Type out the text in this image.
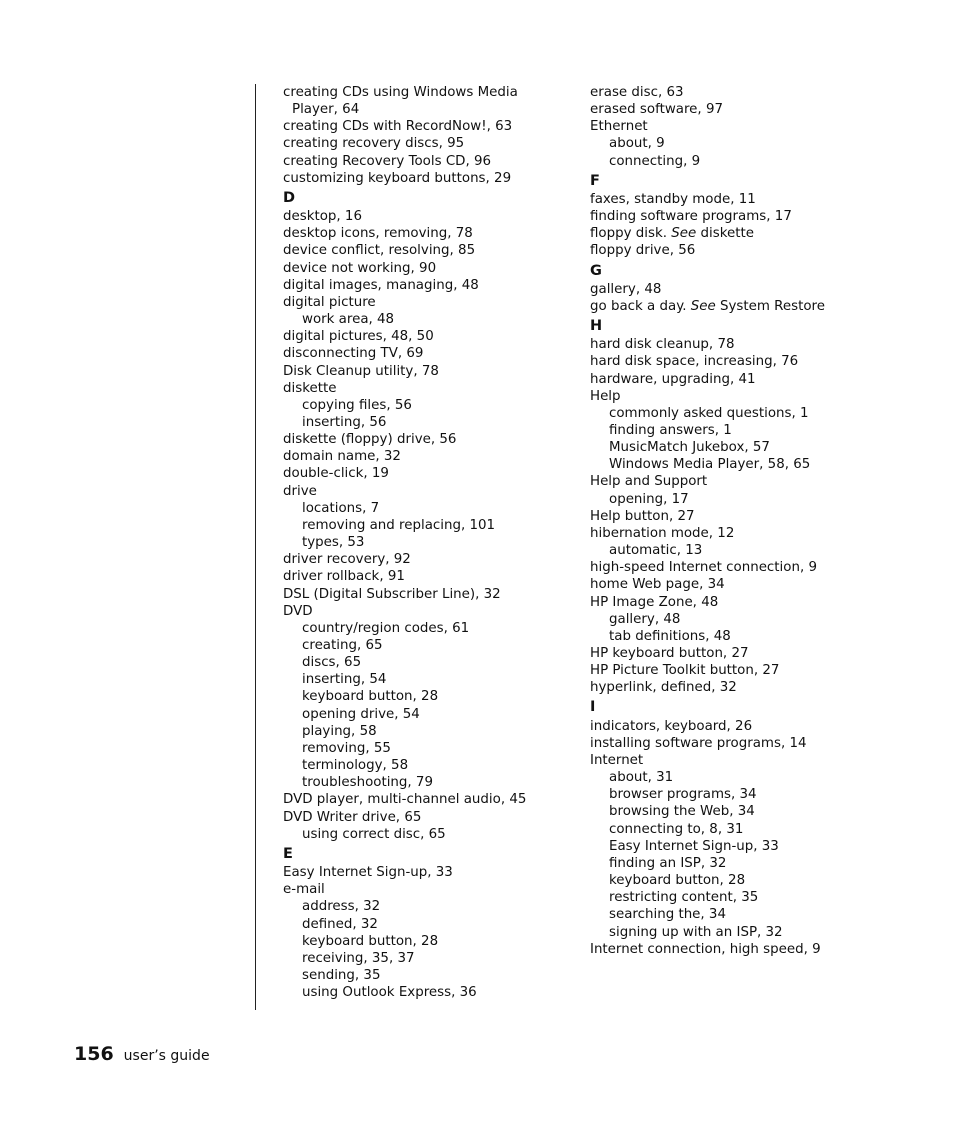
creating CDs using Windows Media
Player, 64
creating CDs with RecordNow!, 63
creating recovery discs, 95
creating Recovery Tools CD, 96
customizing keyboard buttons, 29
D
desktop, 16
desktop icons, removing, 78
device conflict, resolving, 85
device not working, 90
digital images, managing, 48
digital picture
work area, 48
digital pictures, 48, 50
disconnecting TV, 69
Disk Cleanup utility, 78
diskette
copying files, 56
inserting, 56
diskette (floppy) drive, 56
domain name, 32
double-click, 19
drive
locations, 7
removing and replacing, 101
types, 53
driver recovery, 92
driver rollback, 91
DSL (Digital Subscriber Line), 32
DVD
country/region codes, 61
creating, 65
discs, 65
inserting, 54
keyboard button, 28
opening drive, 54
playing, 58
removing, 55
terminology, 58
troubleshooting, 79
DVD player, multi-channel audio, 45
DVD Writer drive, 65
using correct disc, 65
E
Easy Internet Sign-up, 33
e-mail
address, 32
defined, 32
keyboard button, 28
receiving, 35, 37
sending, 35
using Outlook Express, 36
erase disc, 63
erased software, 97
Ethernet
about, 9
connecting, 9
F
faxes, standby mode, 11
finding software programs, 17
floppy disk. See diskette
floppy drive, 56
G
gallery, 48
go back a day. See System Restore
H
hard disk cleanup, 78
hard disk space, increasing, 76
hardware, upgrading, 41
Help
commonly asked questions, 1
finding answers, 1
MusicMatch Jukebox, 57
Windows Media Player, 58, 65
Help and Support
opening, 17
Help button, 27
hibernation mode, 12
automatic, 13
high-speed Internet connection, 9
home Web page, 34
HP Image Zone, 48
gallery, 48
tab definitions, 48
HP keyboard button, 27
HP Picture Toolkit button, 27
hyperlink, defined, 32
I
indicators, keyboard, 26
installing software programs, 14
Internet
about, 31
browser programs, 34
browsing the Web, 34
connecting to, 8, 31
Easy Internet Sign-up, 33
finding an ISP, 32
keyboard button, 28
restricting content, 35
searching the, 34
signing up with an ISP, 32
Internet connection, high speed, 9
156 user’s guide
